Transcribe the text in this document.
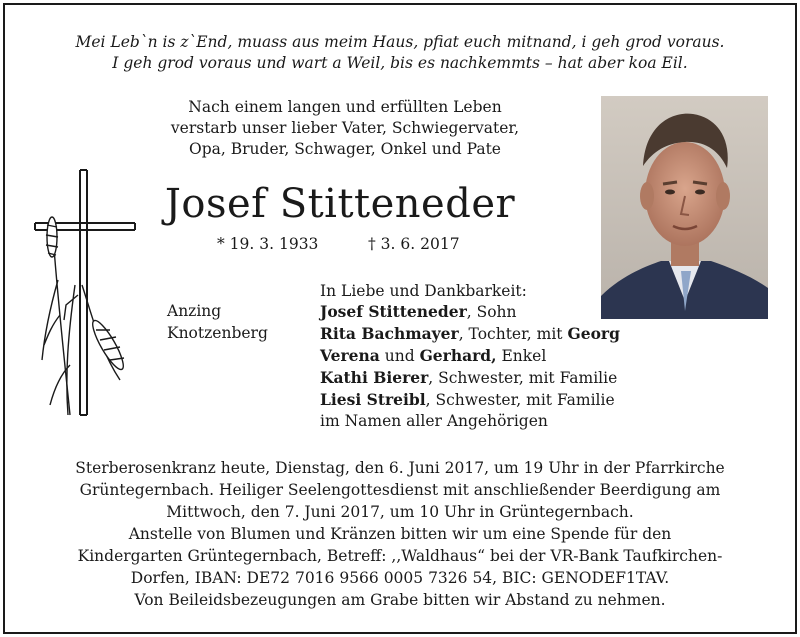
Mei Leb`n is z`End, muass aus meim Haus, pfiat euch mitnand, i geh grod voraus.
I geh grod voraus und wart a Weil, bis es nachkemmts – hat aber koa Eil.
Nach einem langen und erfüllten Leben
verstarb unser lieber Vater, Schwiegervater,
Opa, Bruder, Schwager, Onkel und Pate
Josef Stitteneder
* 19. 3. 1933	† 3. 6. 2017
In Liebe und Dankbarkeit:
Anzing
Knotzenberg
Josef Stitteneder, Sohn
Rita Bachmayer, Tochter, mit Georg
Verena und Gerhard, Enkel
Kathi Bierer, Schwester, mit Familie
Liesi Streibl, Schwester, mit Familie
im Namen aller Angehörigen
Sterberosenkranz heute, Dienstag, den 6. Juni 2017, um 19 Uhr in der Pfarrkirche
Grüntegernbach. Heiliger Seelengottesdienst mit anschließender Beerdigung am
Mittwoch, den 7. Juni 2017, um 10 Uhr in Grüntegernbach.
Anstelle von Blumen und Kränzen bitten wir um eine Spende für den
Kindergarten Grüntegernbach, Betreff: ,,Waldhaus“ bei der VR-Bank Taufkirchen-
Dorfen, IBAN: DE72 7016 9566 0005 7326 54, BIC: GENODEF1TAV.
Von Beileidsbezeugungen am Grabe bitten wir Abstand zu nehmen.
